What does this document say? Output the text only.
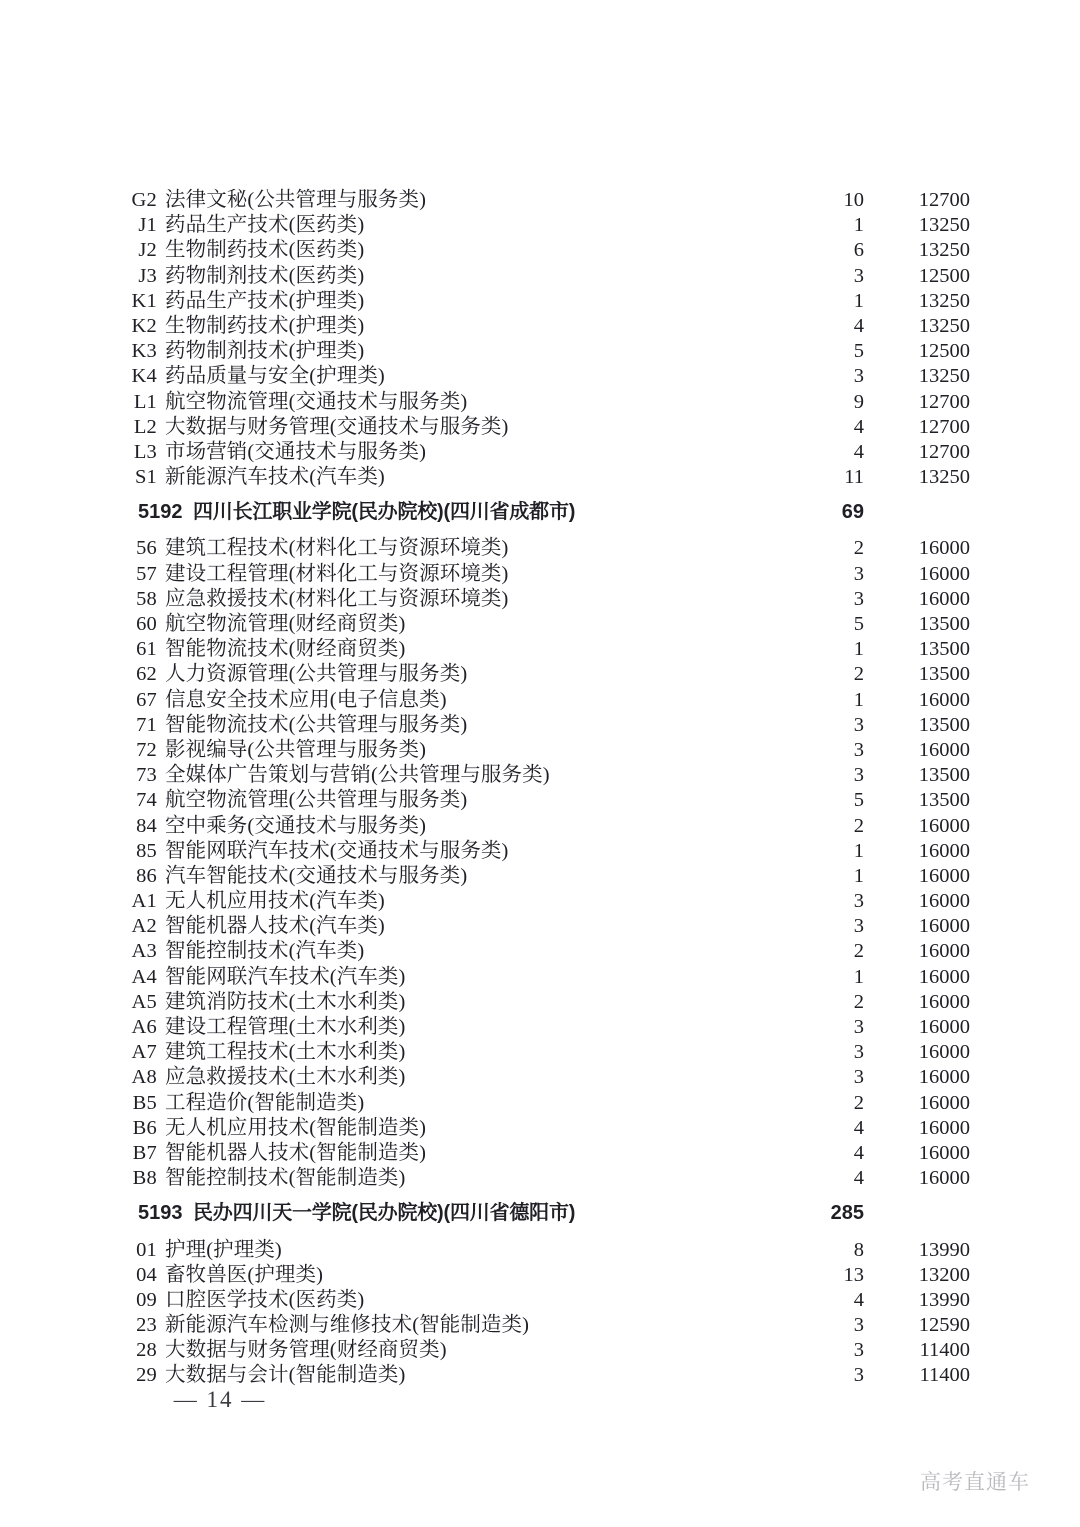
G2 法律文秘(公共管理与服务类)	10	12700
J1 药品生产技术(医药类)	1	13250
J2 生物制药技术(医药类)	6	13250
J3 药物制剂技术(医药类)	3	12500
K1 药品生产技术(护理类)	1	13250
K2 生物制药技术(护理类)	4	13250
K3 药物制剂技术(护理类)	5	12500
K4 药品质量与安全(护理类)	3	13250
L1 航空物流管理(交通技术与服务类)	9	12700
L2 大数据与财务管理(交通技术与服务类)	4	12700
L3 市场营销(交通技术与服务类)	4	12700
S1 新能源汽车技术(汽车类)	11	13250
5192 四川长江职业学院(民办院校)(四川省成都市)	69
56 建筑工程技术(材料化工与资源环境类)	2	16000
57 建设工程管理(材料化工与资源环境类)	3	16000
58 应急救援技术(材料化工与资源环境类)	3	16000
60 航空物流管理(财经商贸类)	5	13500
61 智能物流技术(财经商贸类)	1	13500
62 人力资源管理(公共管理与服务类)	2	13500
67 信息安全技术应用(电子信息类)	1	16000
71 智能物流技术(公共管理与服务类)	3	13500
72 影视编导(公共管理与服务类)	3	16000
73 全媒体广告策划与营销(公共管理与服务类)	3	13500
74 航空物流管理(公共管理与服务类)	5	13500
84 空中乘务(交通技术与服务类)	2	16000
85 智能网联汽车技术(交通技术与服务类)	1	16000
86 汽车智能技术(交通技术与服务类)	1	16000
A1 无人机应用技术(汽车类)	3	16000
A2 智能机器人技术(汽车类)	3	16000
A3 智能控制技术(汽车类)	2	16000
A4 智能网联汽车技术(汽车类)	1	16000
A5 建筑消防技术(土木水利类)	2	16000
A6 建设工程管理(土木水利类)	3	16000
A7 建筑工程技术(土木水利类)	3	16000
A8 应急救援技术(土木水利类)	3	16000
B5 工程造价(智能制造类)	2	16000
B6 无人机应用技术(智能制造类)	4	16000
B7 智能机器人技术(智能制造类)	4	16000
B8 智能控制技术(智能制造类)	4	16000
5193 民办四川天一学院(民办院校)(四川省德阳市)	285
01 护理(护理类)	8	13990
04 畜牧兽医(护理类)	13	13200
09 口腔医学技术(医药类)	4	13990
23 新能源汽车检测与维修技术(智能制造类)	3	12590
28 大数据与财务管理(财经商贸类)	3	11400
29 大数据与会计(智能制造类)	3	11400
— 14 —
高考直通车
